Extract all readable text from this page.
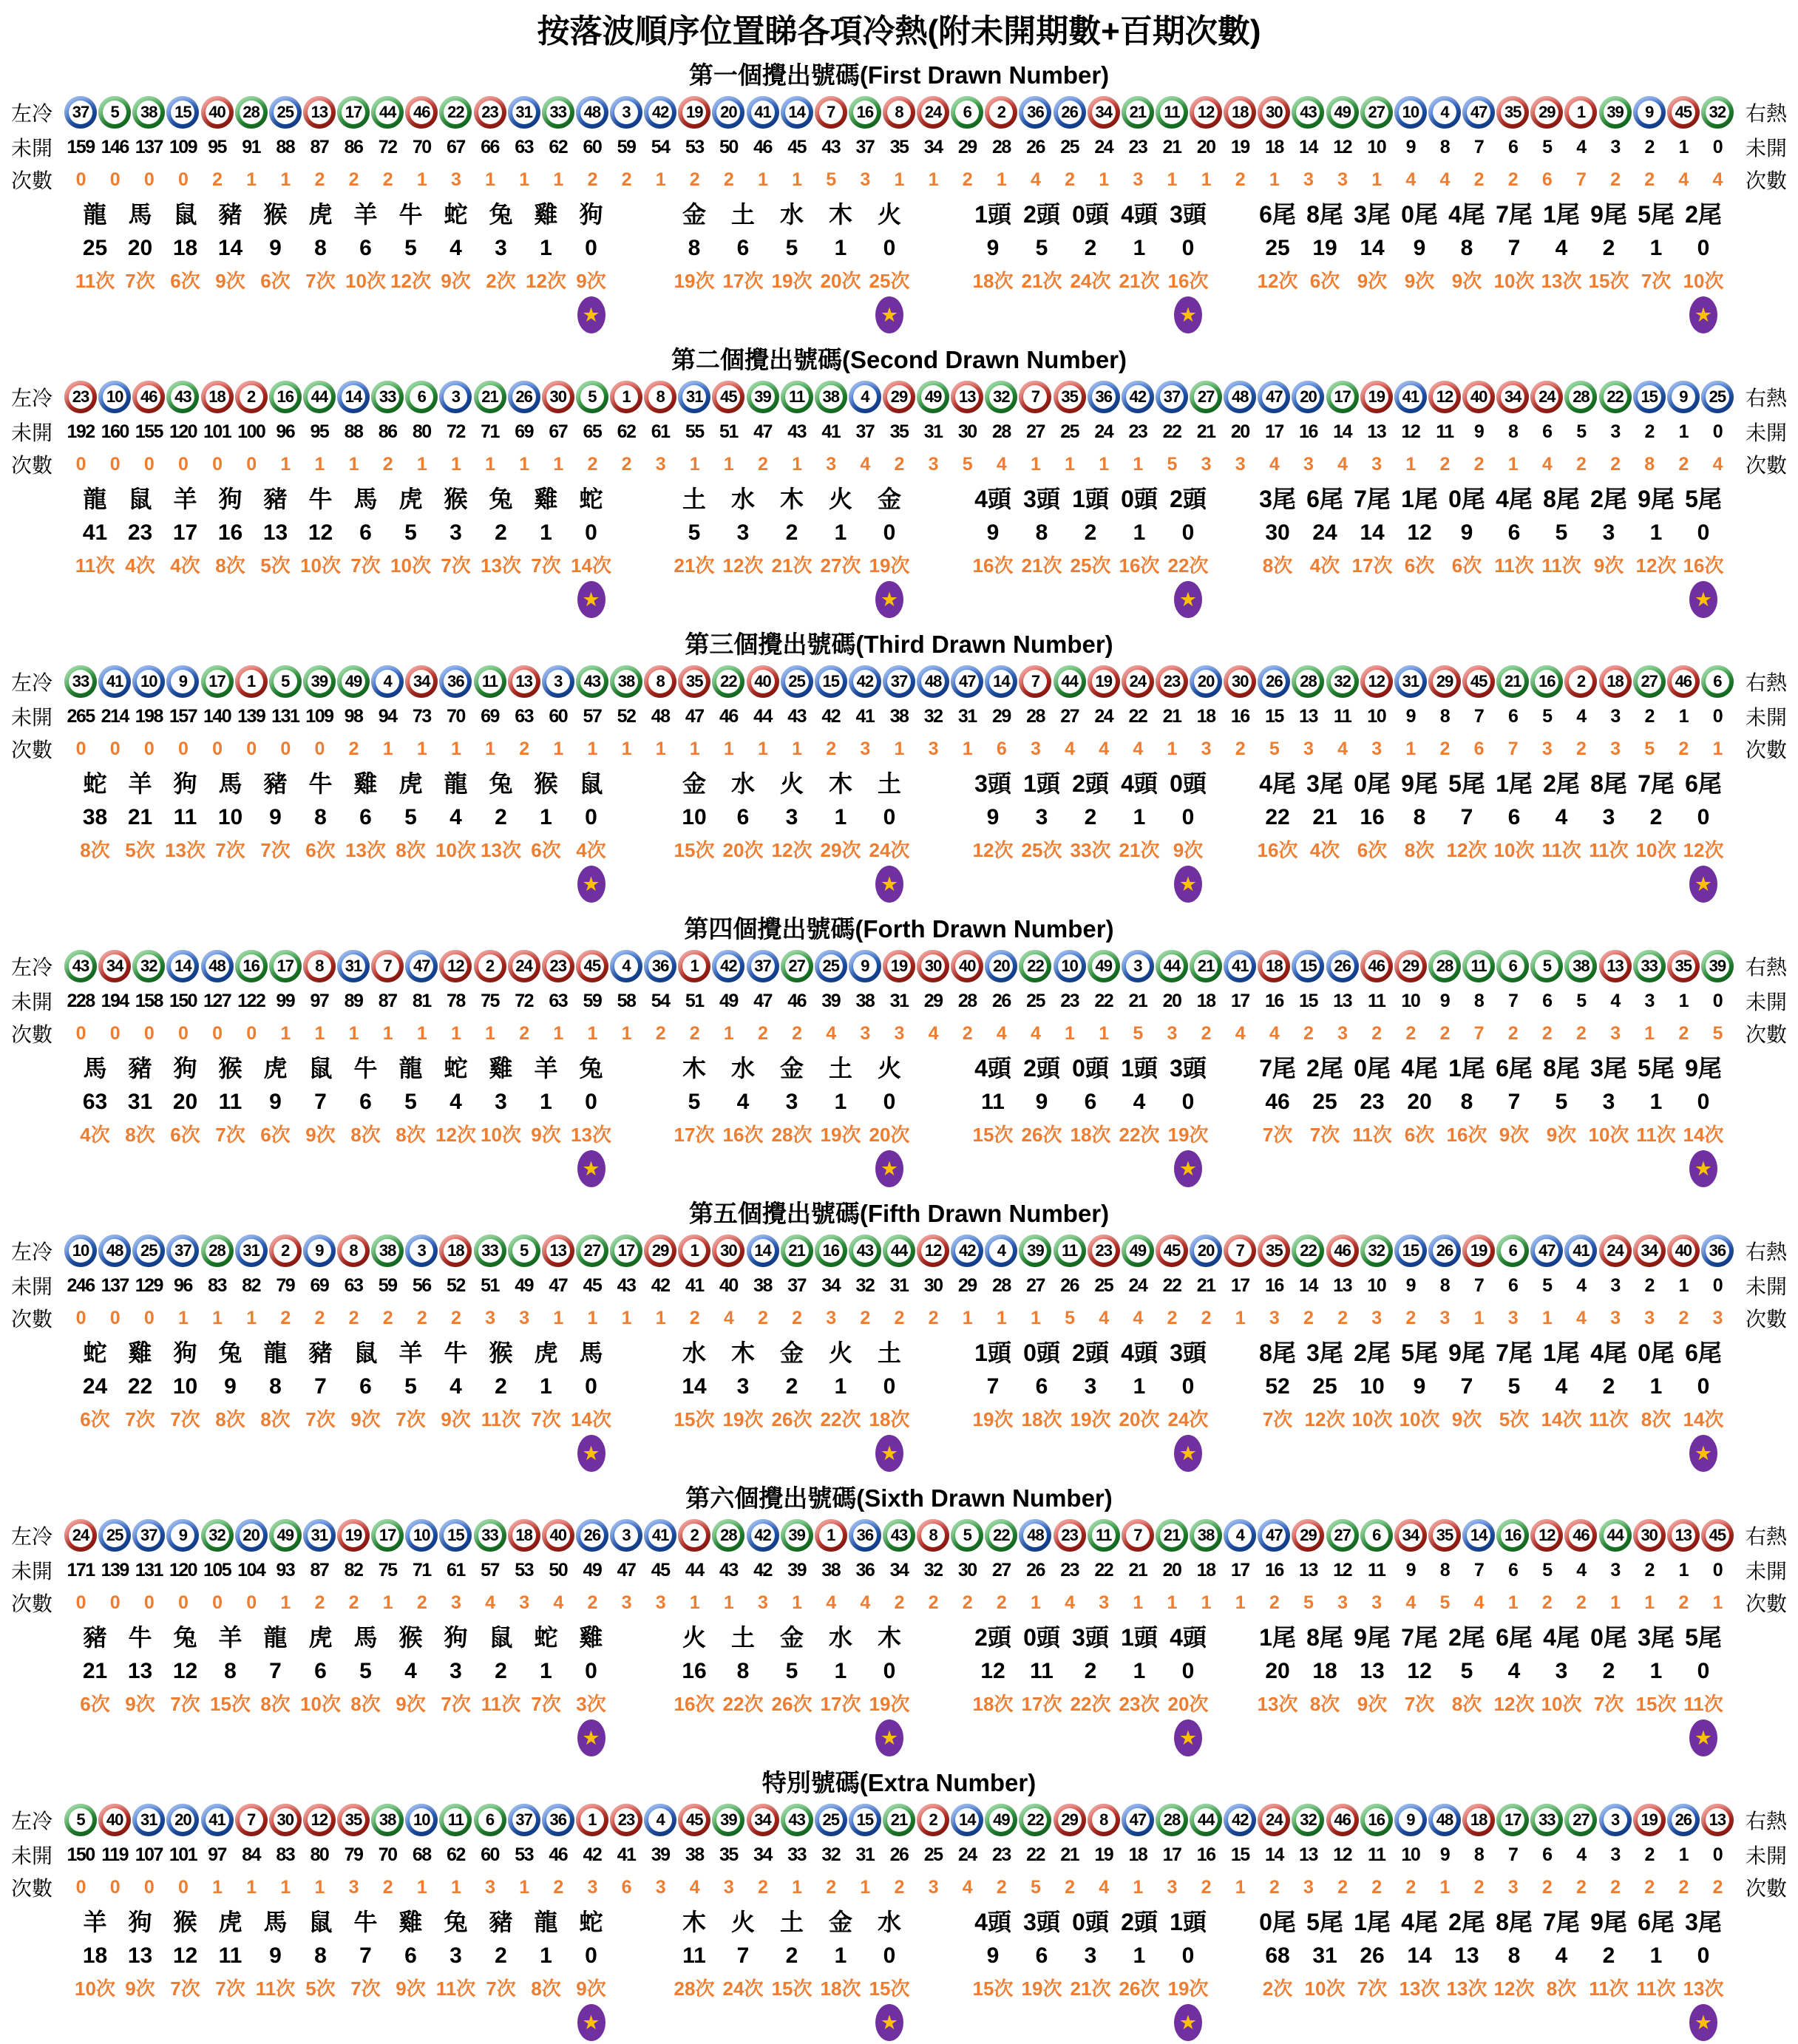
按落波順序位置睇各項冷熱(附未開期數+百期次數)
第一個攪出號碼(First Drawn Number)
左冷	37	5	38 15 40 28 25 13 17 44 46 22 23 31 33 48	3	42 19 20 41 14	7	16	8	24	6	2	36 26 34 21 11 12 18 30 43 49 27 10	4	47 35 29	1	39	9	45 32 右熱
未開 159 146 137 109 95 91 88 87 86 72 70 67 66 63 62 60 59 54 53 50 46 45 43 37 35 34 29 28 26 25 24 23 21 20 19 18 14 12 10	9	8	7	6	5	4	3	2	1	0	未開
次數	0	0	0	0	2	1	1	2	2	2	1	3	1	1	1	2	2	1	2	2	1	1	5	3	1	1	2	1	4	2	1	3	1	1	2	1	3	3	1	4	4	2	2	6	7	2	2	4	4	次數
龍 馬 鼠 豬 猴 虎 羊 牛 蛇 兔 雞 狗
25 20 18 14	9	8	6	5	4	3	1	0
11次 7次 6次 9次 6次 7次 10次 12次 9次 2次 12次 9次
★
金	土	水	木	火
8	6	5	1	0
19次 17次 19次 20次 25次
★
1頭 2頭 0頭 4頭 3頭
9	5	2	1	0
18次 21次 24次 21次 16次
★
6尾 8尾 3尾 0尾 4尾 7尾 1尾 9尾 5尾 2尾
25	19	14	9	8	7	4	2	1	0
12次 6次 9次 9次 9次 10次 13次 15次 7次 10次
★
第二個攪出號碼(Second Drawn Number)
左冷	23 10 46 43 18	2	16 44 14 33	6	3	21 26 30	5	1	8	31 45 39 11 38	4	29 49 13 32	7	35 36 42 37 27 48 47 20 17 19 41 12 40 34 24 28 22 15	9	25 右熱
未開 192 160 155 120 101 100 96 95 88 86 80 72 71 69 67 65 62 61 55 51 47 43 41 37 35 31 30 28 27 25 24 23 22 21 20 17 16 14 13 12 11	9	8	6	5	3	2	1	0	未開
次數	0	0	0	0	0	0	1	1	1	2	1	1	1	1	1	2	2	3	1	1	2	1	3	4	2	3	5	4	1	1	1	1	5	3	3	4	3	4	3	1	2	2	1	4	2	2	8	2	4	次數
龍 鼠 羊 狗 豬 牛 馬 虎 猴 兔 雞 蛇
41 23 17 16 13 12	6	5	3	2	1	0
11次 4次 4次 8次 5次 10次 7次 10次 7次 13次 7次 14次
★
土	水	木	火	金
5	3	2	1	0
21次 12次 21次 27次 19次
★
4頭 3頭 1頭 0頭 2頭
9	8	2	1	0
16次 21次 25次 16次 22次
★
3尾 6尾 7尾 1尾 0尾 4尾 8尾 2尾 9尾 5尾
30	24	14	12	9	6	5	3	1	0
8次 4次 17次 6次 6次 11次 11次 9次 12次 16次
★
第三個攪出號碼(Third Drawn Number)
左冷	33 41 10	9	17	1	5	39 49	4	34 36 11 13	3	43 38	8	35 22 40 25 15 42 37 48 47 14	7	44 19 24 23 20 30 26 28 32 12 31 29 45 21 16	2	18 27 46	6	右熱
未開 265 214 198 157 140 139 131 109 98 94 73 70 69 63 60 57 52 48 47 46 44 43 42 41 38 32 31 29 28 27 24 22 21 18 16 15 13 11 10	9	8	7	6	5	4	3	2	1	0	未開
次數	0	0	0	0	0	0	0	0	2	1	1	1	1	2	1	1	1	1	1	1	1	1	2	3	1	3	1	6	3	4	4	4	1	3	2	5	3	4	3	1	2	6	7	3	2	3	5	2	1	次數
蛇 羊 狗 馬 豬 牛 雞 虎 龍 兔 猴 鼠
38 21 11 10	9	8	6	5	4	2	1	0
8次 5次 13次 7次 7次 6次 13次 8次 10次 13次 6次 4次
★
金	水	火	木	土
10	6	3	1	0
15次 20次 12次 29次 24次
★
3頭 1頭 2頭 4頭 0頭
9	3	2	1	0
12次 25次 33次 21次 9次
★
4尾 3尾 0尾 9尾 5尾 1尾 2尾 8尾 7尾 6尾
22	21	16	8	7	6	4	3	2	0
16次 4次 6次 8次 12次 10次 11次 11次 10次 12次
★
第四個攪出號碼(Forth Drawn Number)
左冷	43 34 32 14 48 16 17	8	31	7	47 12	2	24 23 45	4	36	1	42 37 27 25	9	19 30 40 20 22 10 49	3	44 21 41 18 15 26 46 29 28 11	6	5	38 13 33 35 39 右熱
未開 228 194 158 150 127 122 99 97 89 87 81 78 75 72 63 59 58 54 51 49 47 46 39 38 31 29 28 26 25 23 22 21 20 18 17 16 15 13 11 10	9	8	7	6	5	4	3	1	0	未開
次數	0	0	0	0	0	0	1	1	1	1	1	1	1	2	1	1	1	2	2	1	2	2	4	3	3	4	2	4	4	1	1	5	3	2	4	4	2	3	2	2	2	7	2	2	2	3	1	2	5	次數
馬 豬 狗 猴 虎 鼠 牛 龍 蛇 雞 羊 兔
63 31 20 11	9	7	6	5	4	3	1	0
4次 8次 6次 7次 6次 9次 8次 8次 12次 10次 9次 13次
★
木	水	金	土	火
5	4	3	1	0
17次 16次 28次 19次 20次
★
4頭 2頭 0頭 1頭 3頭
11	9	6	4	0
15次 26次 18次 22次 19次
★
7尾 2尾 0尾 4尾 1尾 6尾 8尾 3尾 5尾 9尾
46	25	23	20	8	7	5	3	1	0
7次 7次 11次 6次 16次 9次 9次 10次 11次 14次
★
第五個攪出號碼(Fifth Drawn Number)
左冷	10 48 25 37 28 31	2	9	8	38	3	18 33	5	13 27 17 29	1	30 14 21 16 43 44 12 42	4	39 11 23 49 45 20	7	35 22 46 32 15 26 19	6	47 41 24 34 40 36 右熱
未開 246 137 129 96 83 82 79 69 63 59 56 52 51 49 47 45 43 42 41 40 38 37 34 32 31 30 29 28 27 26 25 24 22 21 17 16 14 13 10	9	8	7	6	5	4	3	2	1	0	未開
次數	0	0	0	1	1	1	2	2	2	2	2	2	3	3	1	1	1	1	2	4	2	2	3	2	2	2	1	1	1	5	4	4	2	2	1	3	2	2	3	2	3	1	3	1	4	3	3	2	3	次數
蛇 雞 狗 兔 龍 豬 鼠 羊 牛 猴 虎 馬
24 22 10	9	8	7	6	5	4	2	1	0
6次 7次 7次 8次 8次 7次 9次 7次 9次 11次 7次 14次
★
水	木	金	火	土
14	3	2	1	0
15次 19次 26次 22次 18次
★
1頭 0頭 2頭 4頭 3頭
7	6	3	1	0
19次 18次 19次 20次 24次
★
8尾 3尾 2尾 5尾 9尾 7尾 1尾 4尾 0尾 6尾
52	25	10	9	7	5	4	2	1	0
7次 12次 10次 10次 9次 5次 14次 11次 8次 14次
★
第六個攪出號碼(Sixth Drawn Number)
左冷	24 25 37	9	32 20 49 31 19 17 10 15 33 18 40 26	3	41	2	28 42 39	1	36 43	8	5	22 48 23 11	7	21 38	4	47 29 27	6	34 35 14 16 12 46 44 30 13 45 右熱
未開 171 139 131 120 105 104 93 87 82 75 71 61 57 53 50 49 47 45 44 43 42 39 38 36 34 32 30 27 26 23 22 21 20 18 17 16 13 12 11	9	8	7	6	5	4	3	2	1	0	未開
次數	0	0	0	0	0	0	1	2	2	1	2	3	4	3	4	2	3	3	1	1	3	1	4	4	2	2	2	2	1	4	3	1	1	1	1	2	5	3	3	4	5	4	1	2	2	1	1	2	1	次數
豬 牛 兔 羊 龍 虎 馬 猴 狗 鼠 蛇 雞
21 13 12	8	7	6	5	4	3	2	1	0
6次 9次 7次 15次 8次 10次 8次 9次 7次 11次 7次 3次
★
火	土	金	水	木
16	8	5	1	0
16次 22次 26次 17次 19次
★
2頭 0頭 3頭 1頭 4頭
12	11	2	1	0
18次 17次 22次 23次 20次
★
1尾 8尾 9尾 7尾 2尾 6尾 4尾 0尾 3尾 5尾
20	18	13	12	5	4	3	2	1	0
13次 8次 9次 7次 8次 12次 10次 7次 15次 11次
★
特別號碼(Extra Number)
左冷	5	40 31 20 41	7	30 12 35 38 10 11	6	37 36	1	23	4	45 39 34 43 25 15 21	2	14 49 22 29	8	47 28 44 42 24 32 46 16	9	48 18 17 33 27	3	19 26 13 右熱
未開 150 119 107 101 97 84 83 80 79 70 68 62 60 53 46 42 41 39 38 35 34 33 32 31 26 25 24 23 22 21 19 18 17 16 15 14 13 12 11 10	9	8	7	6	4	3	2	1	0	未開
次數	0	0	0	0	1	1	1	1	3	2	1	1	3	1	2	3	6	3	4	3	2	1	2	1	2	3	4	2	5	2	4	1	3	2	1	2	3	2	2	2	1	2	3	2	2	2	2	2	2	次數
羊 狗 猴 虎 馬 鼠 牛 雞 兔 豬 龍 蛇
18 13 12 11	9	8	7	6	3	2	1	0
10次 9次 7次 7次 11次 5次 7次 9次 11次 7次 8次 9次
★
木	火	土	金	水
11	7	2	1	0
28次 24次 15次 18次 15次
★
4頭 3頭 0頭 2頭 1頭
9	6	3	1	0
15次 19次 21次 26次 19次
★
0尾 5尾 1尾 4尾 2尾 8尾 7尾 9尾 6尾 3尾
68	31	26	14	13	8	4	2	1	0
2次 10次 7次 13次 13次 12次 8次 11次 11次 13次
★
